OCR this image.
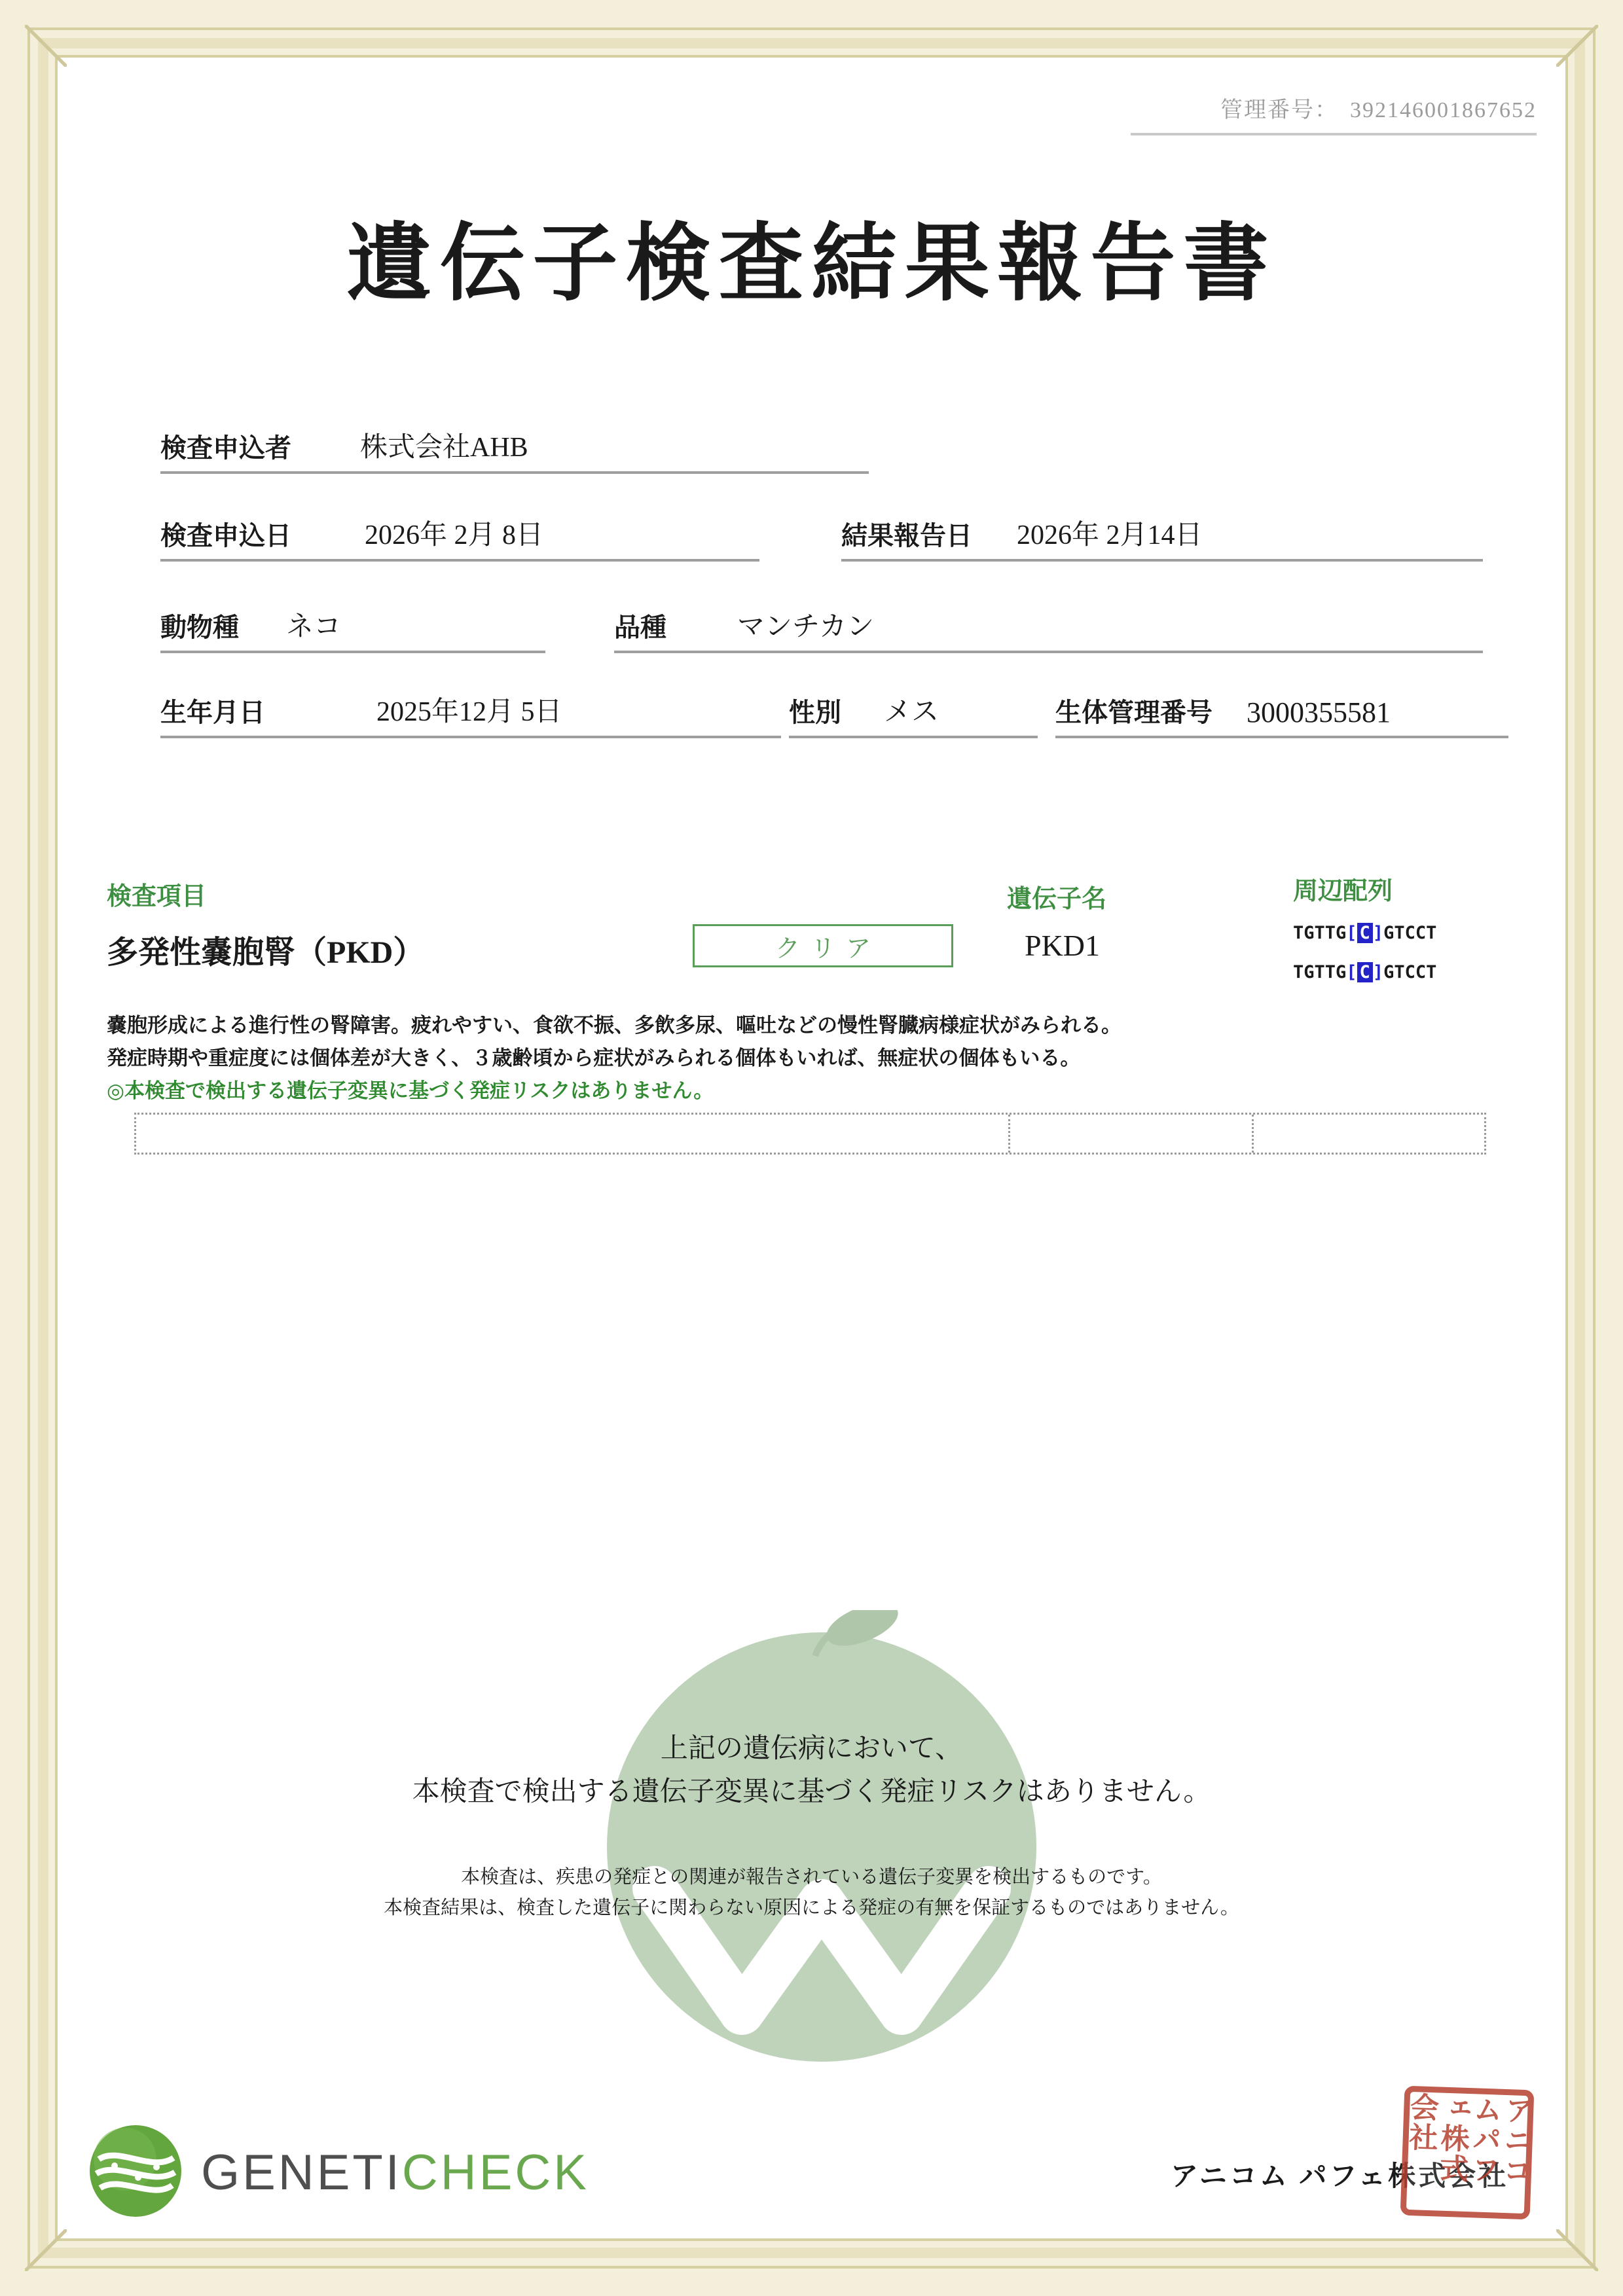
管理番号： 392146001867652
遺伝子検査結果報告書
検査申込者	株式会社AHB
検査申込日	2026年 2月 8日	結果報告日 2026年 2月14日
動物種 ネコ	品種	マンチカン
生年月日	2025年12月 5日	性別 メス	生体管理番号 3000355581
検査項目	遺伝子名	周辺配列
多発性嚢胞腎（PKD）	クリア	PKD1	TGTTG[ C ]GTCCT
TGTTG[ C ]GTCCT
嚢胞形成による進行性の腎障害。疲れやすい、食欲不振、多飲多尿、嘔吐などの慢性腎臓病様症状がみられる。
発症時期や重症度には個体差が大きく、３歳齢頃から症状がみられる個体もいれば、無症状の個体もいる。
◎本検査で検出する遺伝子変異に基づく発症リスクはありません。
上記の遺伝病において、
本検査で検出する遺伝子変異に基づく発症リスクはありません。
本検査は、疾患の発症との関連が報告されている遺伝子変異を検出するものです。
本検査結果は、検査した遺伝子に関わらない原因による発症の有無を保証するものではありません。
GENETICHECK	アニコム パフェ株式会社
アニコムパフェ株式会社
